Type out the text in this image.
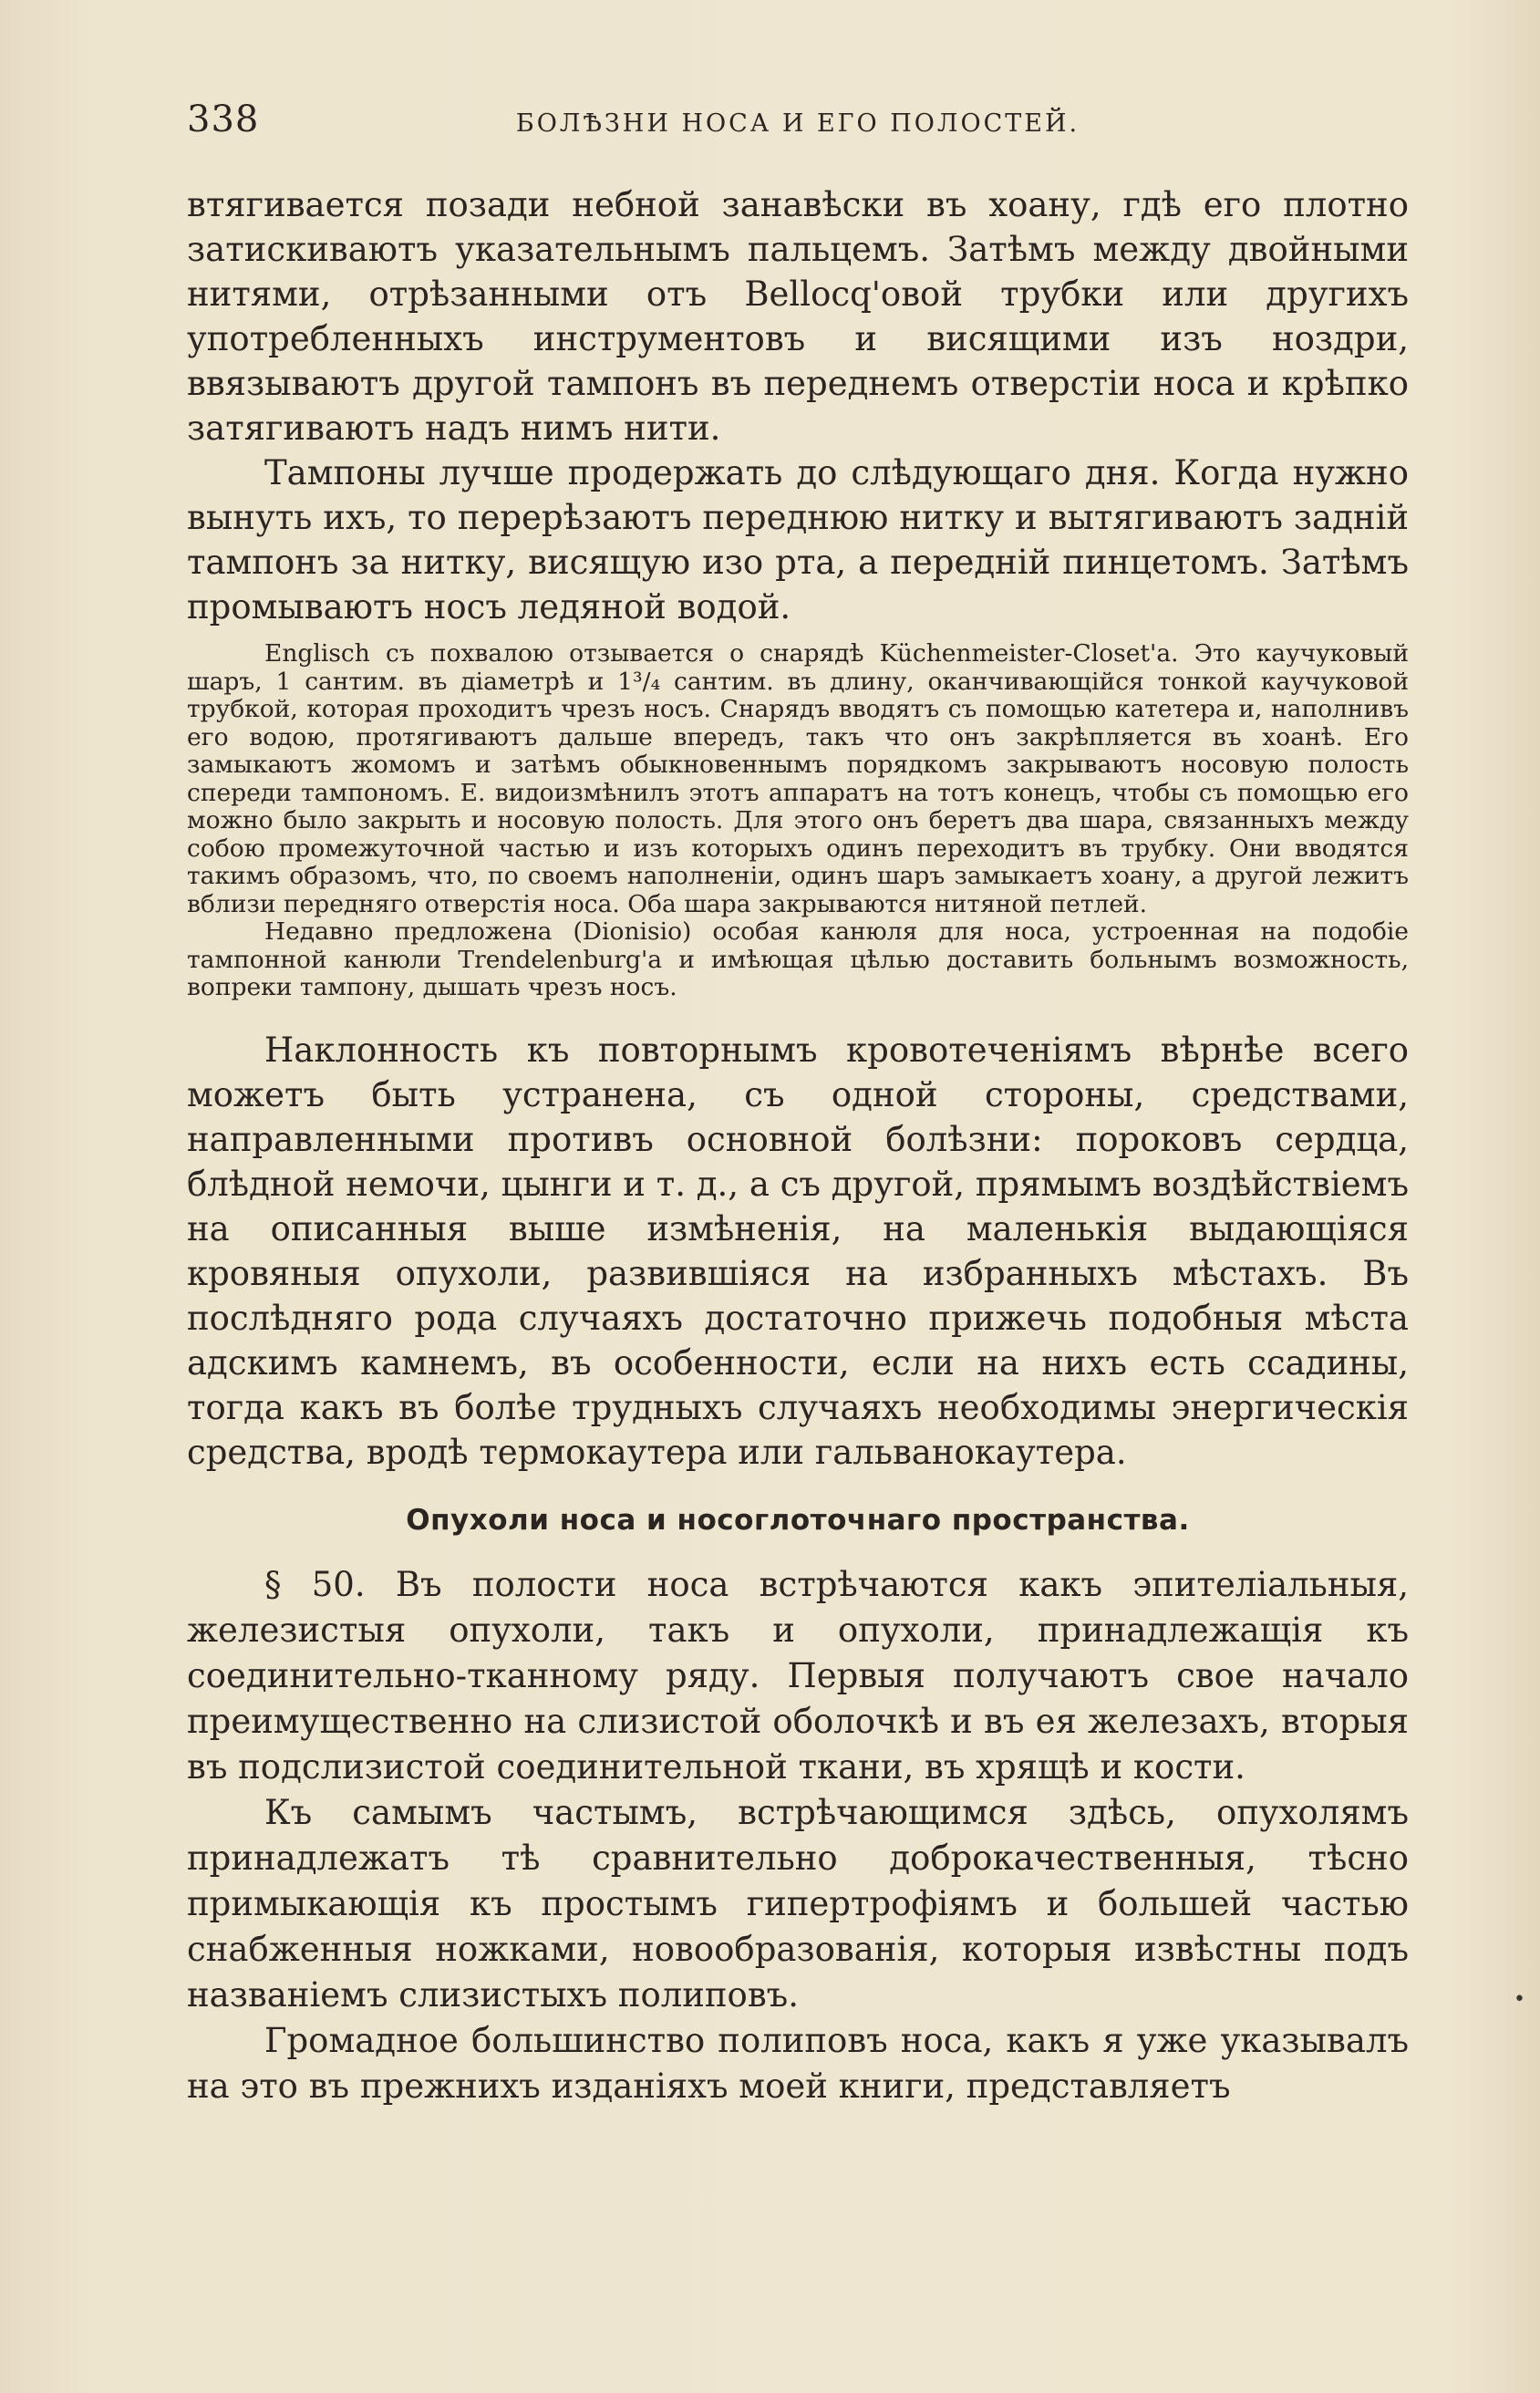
338	БОЛѢЗНИ НОСА И ЕГО ПОЛОСТЕЙ.

втягивается позади небной занавѣски въ хоану, гдѣ его плотно затискиваютъ указательнымъ пальцемъ. Затѣмъ между двойными нитями, отрѣзанными отъ Bellocq'овой трубки или другихъ употребленныхъ инструментовъ и висящими изъ ноздри, ввязываютъ другой тампонъ въ переднемъ отверстіи носа и крѣпко затягиваютъ надъ нимъ нити.

Тампоны лучше продержать до слѣдующаго дня. Когда нужно вынуть ихъ, то перерѣзаютъ переднюю нитку и вытягиваютъ заднiй тампонъ за нитку, висящую изо рта, а переднiй пинцетомъ. Затѣмъ промываютъ носъ ледяной водой.

Englisch съ похвалою отзывается о снарядѣ Küchenmeister-Closet'а. Это каучуковый шаръ, 1 сантим. въ діаметрѣ и 1³/₄ сантим. въ длину, оканчивающійся тонкой каучуковой трубкой, которая проходитъ чрезъ носъ. Снарядъ вводятъ съ помощью катетера и, наполнивъ его водою, протягиваютъ дальше впередъ, такъ что онъ закрѣпляется въ хоанѣ. Его замыкаютъ жомомъ и затѣмъ обыкновеннымъ порядкомъ закрываютъ носовую полость спереди тампономъ. E. видоизмѣнилъ этотъ аппаратъ на тотъ конецъ, чтобы съ помощью его можно было закрыть и носовую полость. Для этого онъ беретъ два шара, связанныхъ между собою промежуточной частью и изъ которыхъ одинъ переходитъ въ трубку. Они вводятся такимъ образомъ, что, по своемъ наполненіи, одинъ шаръ замыкаетъ хоану, а другой лежитъ вблизи передняго отверстія носа. Оба шара закрываются нитяной петлей.

Недавно предложена (Dionisio) особая канюля для носа, устроенная на подобіе тампонной канюли Trendelenburg'а и имѣющая цѣлью доставить больнымъ возможность, вопреки тампону, дышать чрезъ носъ.

Наклонность къ повторнымъ кровотеченіямъ вѣрнѣе всего можетъ быть устранена, съ одной стороны, средствами, направленными противъ основной болѣзни: пороковъ сердца, блѣдной немочи, цынги и т. д., а съ другой, прямымъ воздѣйствіемъ на описанныя выше измѣненія, на маленькія выдающіяся кровяныя опухоли, развившіяся на избранныхъ мѣстахъ. Въ послѣдняго рода случаяхъ достаточно прижечь подобныя мѣста адскимъ камнемъ, въ особенности, если на нихъ есть ссадины, тогда какъ въ болѣе трудныхъ случаяхъ необходимы энергическія средства, вродѣ термокаутера или гальванокаутера.

Опухоли носа и носоглоточнаго пространства.

§ 50. Въ полости носа встрѣчаются какъ эпителіальныя, железистыя опухоли, такъ и опухоли, принадлежащія къ соединительно-тканному ряду. Первыя получаютъ свое начало преимущественно на слизистой оболочкѣ и въ ея железахъ, вторыя въ подслизистой соединительной ткани, въ хрящѣ и кости.

Къ самымъ частымъ, встрѣчающимся здѣсь, опухолямъ принадлежатъ тѣ сравнительно доброкачественныя, тѣсно примыкающія къ простымъ гипертрофіямъ и большей частью снабженныя ножками, новообразованія, которыя извѣстны подъ названіемъ слизистыхъ полиповъ.

Громадное большинство полиповъ носа, какъ я уже указывалъ на это въ прежнихъ изданіяхъ моей книги, представляетъ

•
